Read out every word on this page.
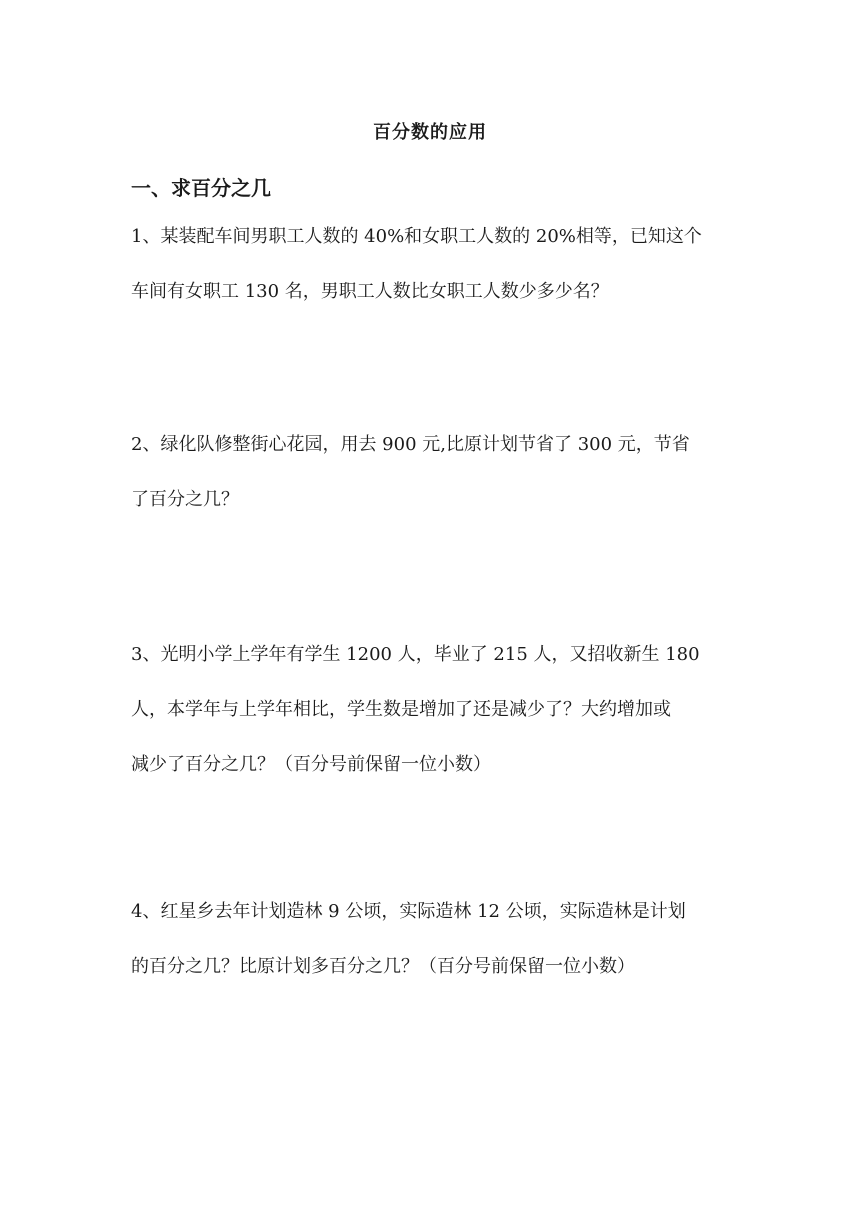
百分数的应用
一、求百分之几
1、某装配车间男职工人数的 40%和女职工人数的 20%相等，已知这个
车间有女职工 130 名，男职工人数比女职工人数少多少名？
2、绿化队修整街心花园，用去 900 元,比原计划节省了 300 元，节省
了百分之几？
3、光明小学上学年有学生 1200 人，毕业了 215 人，又招收新生 180
人，本学年与上学年相比，学生数是增加了还是减少了？大约增加或
减少了百分之几？（百分号前保留一位小数）
4、红星乡去年计划造林 9 公顷，实际造林 12 公顷，实际造林是计划
的百分之几？比原计划多百分之几？（百分号前保留一位小数）
